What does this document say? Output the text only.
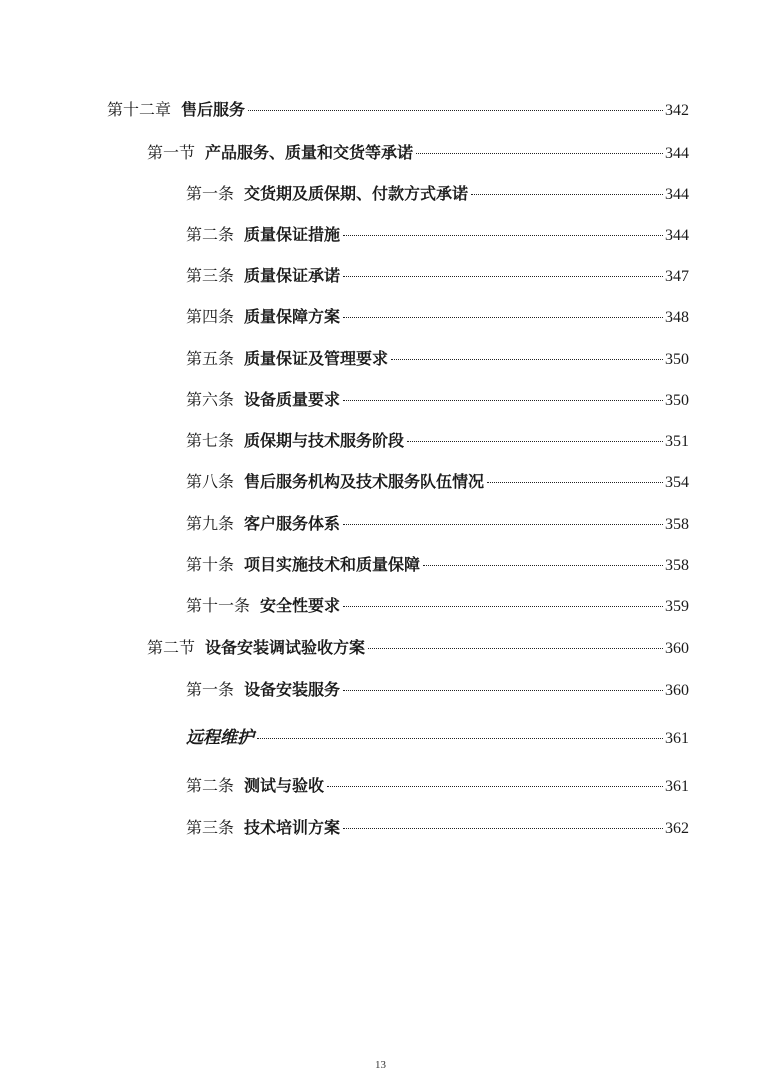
第十二章 售后服务	342
第一节 产品服务、质量和交货等承诺	344
第一条 交货期及质保期、付款方式承诺	344
第二条 质量保证措施	344
第三条 质量保证承诺	347
第四条 质量保障方案	348
第五条 质量保证及管理要求	350
第六条 设备质量要求	350
第七条 质保期与技术服务阶段	351
第八条 售后服务机构及技术服务队伍情况	354
第九条 客户服务体系	358
第十条 项目实施技术和质量保障	358
第十一条 安全性要求	359
第二节 设备安装调试验收方案	360
第一条 设备安装服务	360
远程维护	361
第二条 测试与验收	361
第三条 技术培训方案	362
13
